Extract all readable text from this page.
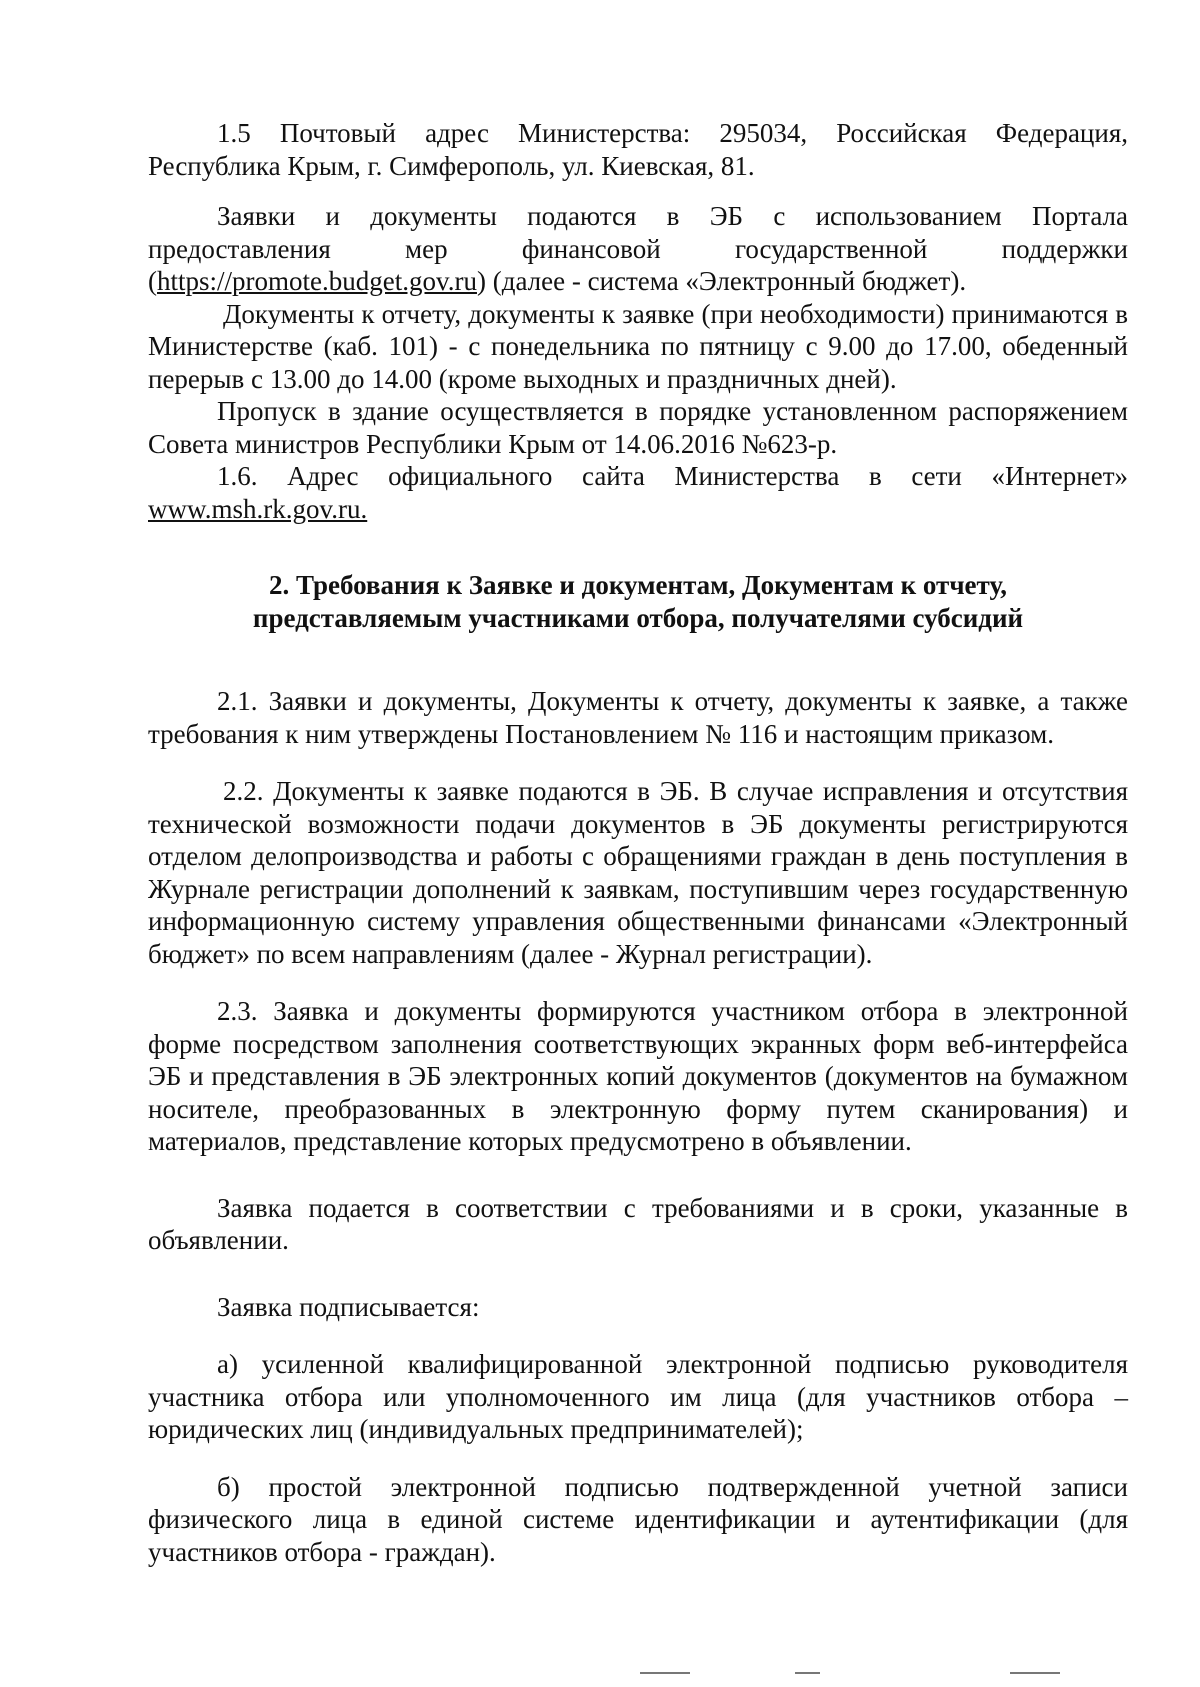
1.5 Почтовый адрес Министерства: 295034, Российская Федерация, Республика Крым, г. Симферополь, ул. Киевская, 81.

Заявки и документы подаются в ЭБ с использованием Портала предоставления мер финансовой государственной поддержки (https://promote.budget.gov.ru) (далее - система «Электронный бюджет).

Документы к отчету, документы к заявке (при необходимости) принимаются в Министерстве (каб. 101) - с понедельника по пятницу с 9.00 до 17.00, обеденный перерыв с 13.00 до 14.00 (кроме выходных и праздничных дней).

Пропуск в здание осуществляется в порядке установленном распоряжением Совета министров Республики Крым от 14.06.2016 №623-р.

1.6. Адрес официального сайта Министерства в сети «Интернет» www.msh.rk.gov.ru.

2. Требования к Заявке и документам, Документам к отчету,
представляемым участниками отбора, получателями субсидий

2.1. Заявки и документы, Документы к отчету, документы к заявке, а также требования к ним утверждены Постановлением № 116 и настоящим приказом.

2.2. Документы к заявке подаются в ЭБ. В случае исправления и отсутствия технической возможности подачи документов в ЭБ документы регистрируются отделом делопроизводства и работы с обращениями граждан в день поступления в Журнале регистрации дополнений к заявкам, поступившим через государственную информационную систему управления общественными финансами «Электронный бюджет» по всем направлениям (далее - Журнал регистрации).

2.3. Заявка и документы формируются участником отбора в электронной форме посредством заполнения соответствующих экранных форм веб-интерфейса ЭБ и представления в ЭБ электронных копий документов (документов на бумажном носителе, преобразованных в электронную форму путем сканирования) и материалов, представление которых предусмотрено в объявлении.

Заявка подается в соответствии с требованиями и в сроки, указанные в объявлении.

Заявка подписывается:

а) усиленной квалифицированной электронной подписью руководителя участника отбора или уполномоченного им лица (для участников отбора – юридических лиц (индивидуальных предпринимателей);

б) простой электронной подписью подтвержденной учетной записи физического лица в единой системе идентификации и аутентификации (для участников отбора - граждан).
